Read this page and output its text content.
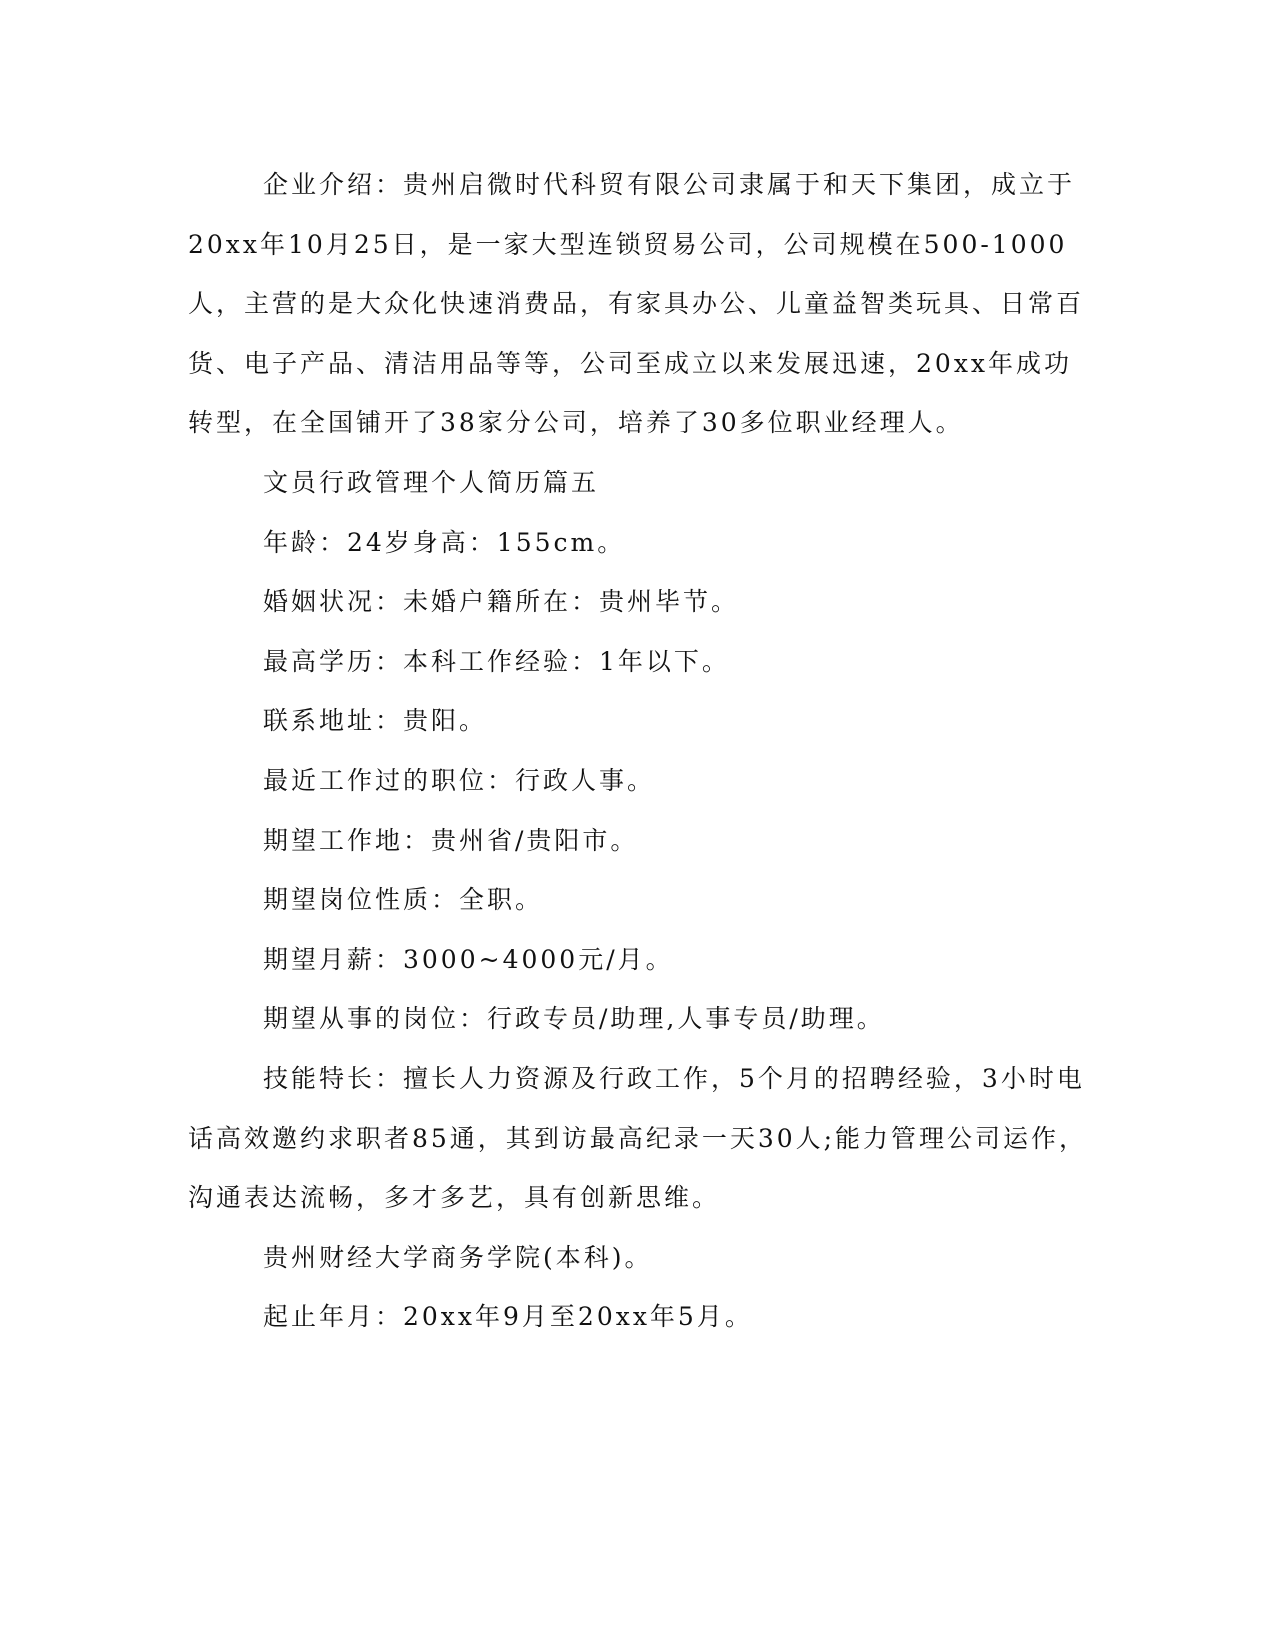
企业介绍：贵州启微时代科贸有限公司隶属于和天下集团，成立于20xx年10月25日，是一家大型连锁贸易公司，公司规模在500-1000人，主营的是大众化快速消费品，有家具办公、儿童益智类玩具、日常百货、电子产品、清洁用品等等，公司至成立以来发展迅速，20xx年成功转型，在全国铺开了38家分公司，培养了30多位职业经理人。

文员行政管理个人简历篇五

年龄：24岁身高：155cm。

婚姻状况：未婚户籍所在：贵州毕节。

最高学历：本科工作经验：1年以下。

联系地址：贵阳。

最近工作过的职位：行政人事。

期望工作地：贵州省/贵阳市。

期望岗位性质：全职。

期望月薪：3000~4000元/月。

期望从事的岗位：行政专员/助理,人事专员/助理。

技能特长：擅长人力资源及行政工作，5个月的招聘经验，3小时电话高效邀约求职者85通，其到访最高纪录一天30人;能力管理公司运作，沟通表达流畅，多才多艺，具有创新思维。

贵州财经大学商务学院(本科)。

起止年月：20xx年9月至20xx年5月。
